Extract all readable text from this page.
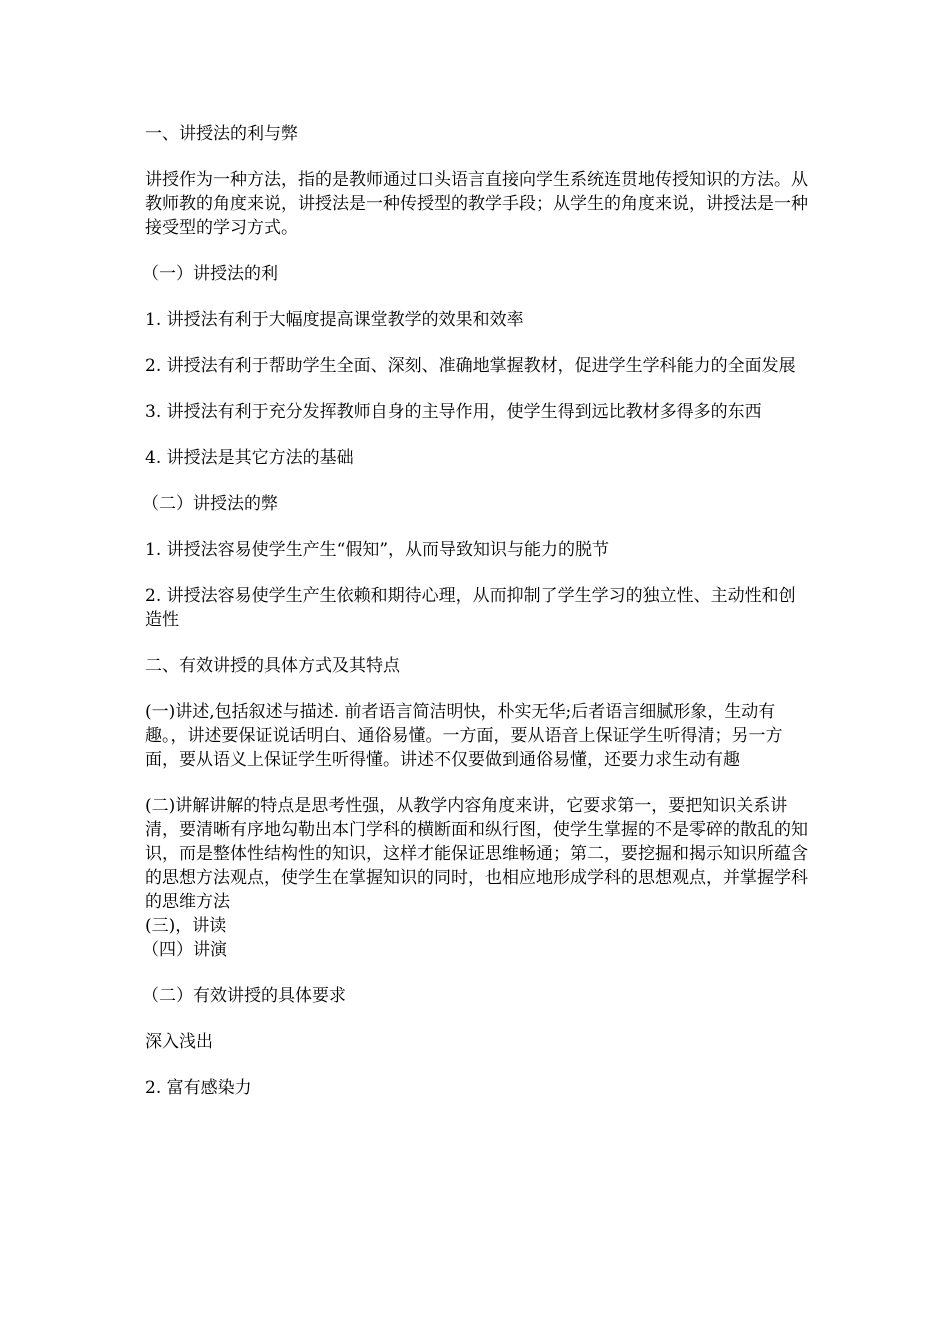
一、讲授法的利与弊

讲授作为一种方法，指的是教师通过口头语言直接向学生系统连贯地传授知识的方法。从教师教的角度来说，讲授法是一种传授型的教学手段；从学生的角度来说，讲授法是一种接受型的学习方式。

（一）讲授法的利

1. 讲授法有利于大幅度提高课堂教学的效果和效率

2. 讲授法有利于帮助学生全面、深刻、准确地掌握教材，促进学生学科能力的全面发展

3. 讲授法有利于充分发挥教师自身的主导作用，使学生得到远比教材多得多的东西

4. 讲授法是其它方法的基础

（二）讲授法的弊

1. 讲授法容易使学生产生“假知”，从而导致知识与能力的脱节

2. 讲授法容易使学生产生依赖和期待心理，从而抑制了学生学习的独立性、主动性和创造性

二、有效讲授的具体方式及其特点

(一)讲述,包括叙述与描述. 前者语言简洁明快，朴实无华;后者语言细腻形象，生动有趣。，讲述要保证说话明白、通俗易懂。一方面，要从语音上保证学生听得清；另一方面，要从语义上保证学生听得懂。讲述不仅要做到通俗易懂，还要力求生动有趣

(二)讲解讲解的特点是思考性强，从教学内容角度来讲，它要求第一，要把知识关系讲清，要清晰有序地勾勒出本门学科的横断面和纵行图，使学生掌握的不是零碎的散乱的知识，而是整体性结构性的知识，这样才能保证思维畅通；第二，要挖掘和揭示知识所蕴含的思想方法观点，使学生在掌握知识的同时，也相应地形成学科的思想观点，并掌握学科的思维方法

(三)，讲读

（四）讲演

（二）有效讲授的具体要求

深入浅出

2. 富有感染力
